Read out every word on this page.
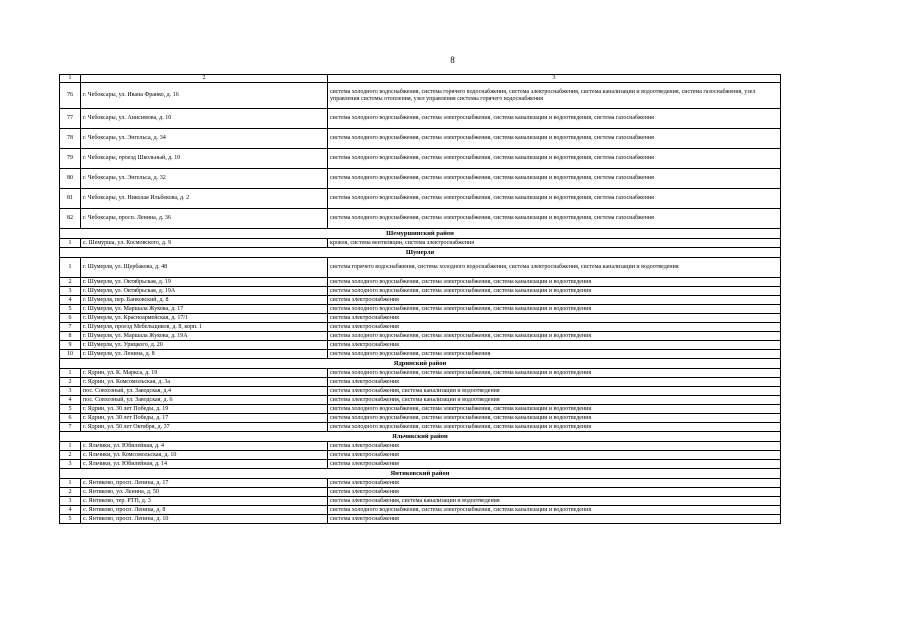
8
1	2	3
76	г. Чебоксары, ул. Ивана Франко, д. 16	система холодного водоснабжения, система горячего водоснабжения, система электроснабжения, система канализации и водоотведения, система газоснабжения, узел управления системы отопления, узел управления системы горячего водоснабжения
77	г. Чебоксары, ул. Анисимова, д. 10	система холодного водоснабжения, система электроснабжения, система канализации и водоотведения, система газоснабжения
78	г. Чебоксары, ул. Энгельса, д. 34	система холодного водоснабжения, система электроснабжения, система канализации и водоотведения, система газоснабжения
79	г. Чебоксары, проезд Школьный, д. 10	система холодного водоснабжения, система электроснабжения, система канализации и водоотведения, система газоснабжения
80	г. Чебоксары, ул. Энгельса, д. 32	система холодного водоснабжения, система электроснабжения, система канализации и водоотведения, система газоснабжения
81	г. Чебоксары, ул. Николая Ильбекова, д. 2	система холодного водоснабжения, система электроснабжения, система канализации и водоотведения, система газоснабжения
82	г. Чебоксары, просп. Ленина, д. 36	система холодного водоснабжения, система электроснабжения, система канализации и водоотведения, система газоснабжения
Шемуршинский район		
1	с. Шемурша, ул. Космовского, д. 9	кровля, система вентиляции, система электроснабжения
Шумерля		
1	г. Шумерля, ул. Щербакова, д. 48	система горячего водоснабжения, система холодного водоснабжения, система электроснабжения, система канализации и водоотведения
2	г. Шумерля, ул. Октябрьская, д. 19	система холодного водоснабжения, система электроснабжения, система канализации и водоотведения
3	г. Шумерля, ул. Октябрьская, д. 19А	система холодного водоснабжения, система электроснабжения, система канализации и водоотведения
4	г. Шумерля, пер. Банковский, д. 8	система электроснабжения
5	г. Шумерля, ул. Маршала Жукова, д. 17	система холодного водоснабжения, система электроснабжения, система канализации и водоотведения
6	г. Шумерля, ул. Красноармейская, д. 17/1	система электроснабжения
7	г. Шумерля, проезд Мебельщиков, д. 8, корп. 1	система электроснабжения
8	г. Шумерля, ул. Маршала Жукова, д. 19А	система холодного водоснабжения, система электроснабжения, система канализации и водоотведения
9	г. Шумерля, ул. Урицкого, д. 20	система электроснабжения
10	г. Шумерля, ул. Ленина, д. 8	система холодного водоснабжения, система электроснабжения
Ядринский район		
1	г. Ядрин, ул. К. Маркса, д. 19	система холодного водоснабжения, система электроснабжения, система канализации и водоотведения
2	г. Ядрин, ул. Комсомольская, д. 3а	система электроснабжения
3	пос. Совхозный, ул. Заводская, д.4	система электроснабжения, система канализации и водоотведения
4	пос. Совхозный, ул. Заводская, д. 6	система электроснабжения, система канализации и водоотведения
5	г. Ядрин, ул. 30 лет Победы, д. 19	система холодного водоснабжения, система электроснабжения, система канализации и водоотведения
6	г. Ядрин, ул. 30 лет Победы, д. 17	система холодного водоснабжения, система электроснабжения, система канализации и водоотведения
7	г. Ядрин, ул. 50 лет Октября, д. 37	система холодного водоснабжения, система электроснабжения, система канализации и водоотведения
Яльчикский район		
1	с. Яльчики, ул. Юбилейная, д. 4	система электроснабжения
2	с. Яльчики, ул. Комсомольская, д. 10	система электроснабжения
3	с. Яльчики, ул. Юбилейная, д. 14	система электроснабжения
Янтиковский район		
1	с. Янтиково, просп. Ленина, д. 17	система электроснабжения
2	с. Янтиково, ул. Ленина, д. 50	система электроснабжения
3	с. Янтиково, тер. РТП, д. 3	система электроснабжения, система канализации и водоотведения
4	с. Янтиково, просп. Ленина, д. 8	система холодного водоснабжения, система электроснабжения, система канализации и водоотведения
5	с. Янтиково, просп. Ленина, д. 10	система электроснабжения
